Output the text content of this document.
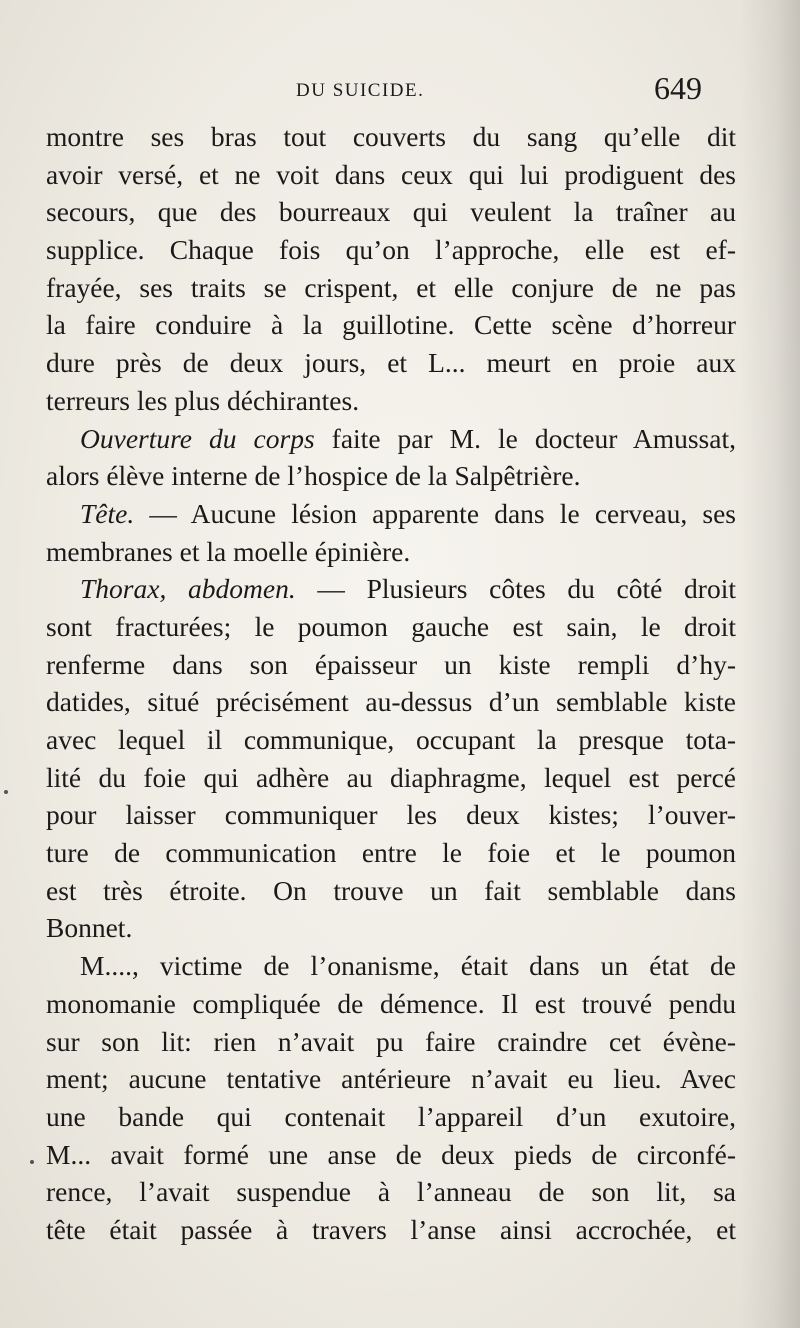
DU SUICIDE.	649
montre ses bras tout couverts du sang qu’elle dit
avoir versé, et ne voit dans ceux qui lui prodiguent des
secours, que des bourreaux qui veulent la traîner au
supplice. Chaque fois qu’on l’approche, elle est ef-
frayée, ses traits se crispent, et elle conjure de ne pas
la faire conduire à la guillotine. Cette scène d’horreur
dure près de deux jours, et L... meurt en proie aux
terreurs les plus déchirantes.
Ouverture du corps faite par M. le docteur Amussat,
alors élève interne de l’hospice de la Salpêtrière.
Tête. — Aucune lésion apparente dans le cerveau, ses
membranes et la moelle épinière.
Thorax, abdomen. — Plusieurs côtes du côté droit
sont fracturées; le poumon gauche est sain, le droit
renferme dans son épaisseur un kiste rempli d’hy-
datides, situé précisément au-dessus d’un semblable kiste
avec lequel il communique, occupant la presque tota-
lité du foie qui adhère au diaphragme, lequel est percé
pour laisser communiquer les deux kistes; l’ouver-
ture de communication entre le foie et le poumon
est très étroite. On trouve un fait semblable dans
Bonnet.
M...., victime de l’onanisme, était dans un état de
monomanie compliquée de démence. Il est trouvé pendu
sur son lit: rien n’avait pu faire craindre cet évène-
ment; aucune tentative antérieure n’avait eu lieu. Avec
une bande qui contenait l’appareil d’un exutoire,
M... avait formé une anse de deux pieds de circonfé-
rence, l’avait suspendue à l’anneau de son lit, sa
tête était passée à travers l’anse ainsi accrochée, et
